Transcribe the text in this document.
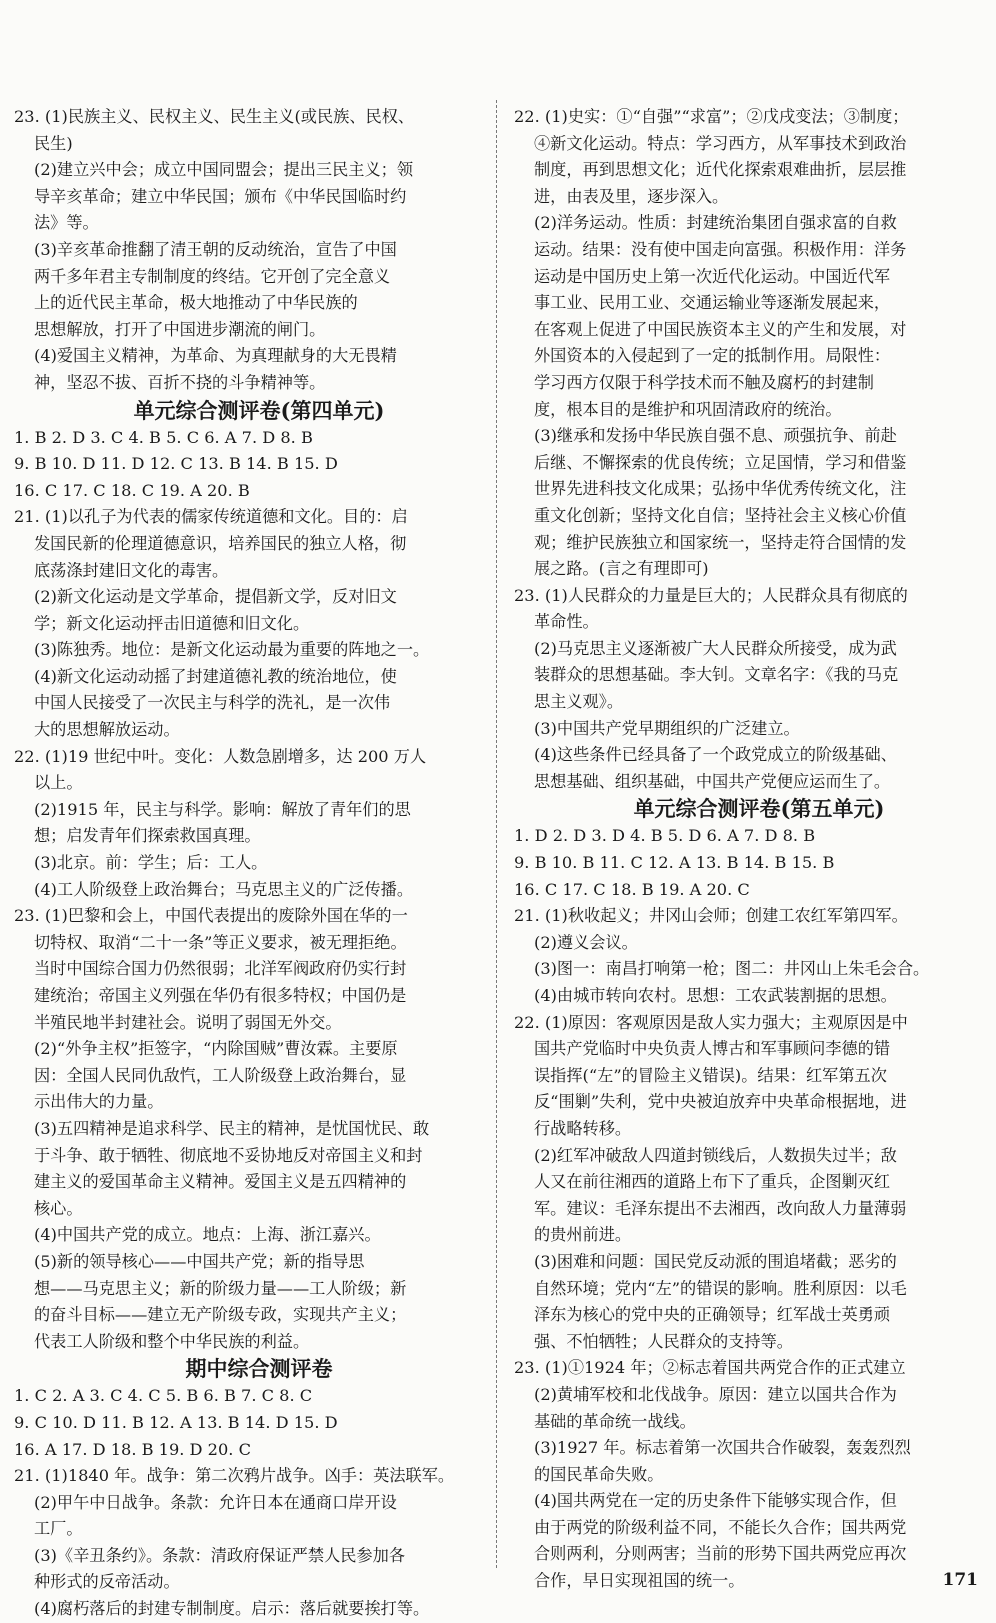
23. (1)民族主义、民权主义、民生主义(或民族、民权、
民生)
(2)建立兴中会；成立中国同盟会；提出三民主义；领
导辛亥革命；建立中华民国；颁布《中华民国临时约
法》等。
(3)辛亥革命推翻了清王朝的反动统治，宣告了中国
两千多年君主专制制度的终结。它开创了完全意义
上的近代民主革命，极大地推动了中华民族的
思想解放，打开了中国进步潮流的闸门。
(4)爱国主义精神，为革命、为真理献身的大无畏精
神，坚忍不拔、百折不挠的斗争精神等。
单元综合测评卷(第四单元)
1. B 2. D 3. C 4. B 5. C 6. A 7. D 8. B
9. B 10. D 11. D 12. C 13. B 14. B 15. D
16. C 17. C 18. C 19. A 20. B
21. (1)以孔子为代表的儒家传统道德和文化。目的：启
发国民新的伦理道德意识，培养国民的独立人格，彻
底荡涤封建旧文化的毒害。
(2)新文化运动是文学革命，提倡新文学，反对旧文
学；新文化运动抨击旧道德和旧文化。
(3)陈独秀。地位：是新文化运动最为重要的阵地之一。
(4)新文化运动动摇了封建道德礼教的统治地位，使
中国人民接受了一次民主与科学的洗礼，是一次伟
大的思想解放运动。
22. (1)19 世纪中叶。变化：人数急剧增多，达 200 万人
以上。
(2)1915 年，民主与科学。影响：解放了青年们的思
想；启发青年们探索救国真理。
(3)北京。前：学生；后：工人。
(4)工人阶级登上政治舞台；马克思主义的广泛传播。
23. (1)巴黎和会上，中国代表提出的废除外国在华的一
切特权、取消“二十一条”等正义要求，被无理拒绝。
当时中国综合国力仍然很弱；北洋军阀政府仍实行封
建统治；帝国主义列强在华仍有很多特权；中国仍是
半殖民地半封建社会。说明了弱国无外交。
(2)“外争主权”拒签字，“内除国贼”曹汝霖。主要原
因：全国人民同仇敌忾，工人阶级登上政治舞台，显
示出伟大的力量。
(3)五四精神是追求科学、民主的精神，是忧国忧民、敢
于斗争、敢于牺牲、彻底地不妥协地反对帝国主义和封
建主义的爱国革命主义精神。爱国主义是五四精神的
核心。
(4)中国共产党的成立。地点：上海、浙江嘉兴。
(5)新的领导核心——中国共产党；新的指导思
想——马克思主义；新的阶级力量——工人阶级；新
的奋斗目标——建立无产阶级专政，实现共产主义；
代表工人阶级和整个中华民族的利益。
期中综合测评卷
1. C 2. A 3. C 4. C 5. B 6. B 7. C 8. C
9. C 10. D 11. B 12. A 13. B 14. D 15. D
16. A 17. D 18. B 19. D 20. C
21. (1)1840 年。战争：第二次鸦片战争。凶手：英法联军。
(2)甲午中日战争。条款：允许日本在通商口岸开设
工厂。
(3)《辛丑条约》。条款：清政府保证严禁人民参加各
种形式的反帝活动。
(4)腐朽落后的封建专制制度。启示：落后就要挨打等。
22. (1)史实：①“自强”“求富”；②戊戌变法；③制度；
④新文化运动。特点：学习西方，从军事技术到政治
制度，再到思想文化；近代化探索艰难曲折，层层推
进，由表及里，逐步深入。
(2)洋务运动。性质：封建统治集团自强求富的自救
运动。结果：没有使中国走向富强。积极作用：洋务
运动是中国历史上第一次近代化运动。中国近代军
事工业、民用工业、交通运输业等逐渐发展起来，
在客观上促进了中国民族资本主义的产生和发展，对
外国资本的入侵起到了一定的抵制作用。局限性：
学习西方仅限于科学技术而不触及腐朽的封建制
度，根本目的是维护和巩固清政府的统治。
(3)继承和发扬中华民族自强不息、顽强抗争、前赴
后继、不懈探索的优良传统；立足国情，学习和借鉴
世界先进科技文化成果；弘扬中华优秀传统文化，注
重文化创新；坚持文化自信；坚持社会主义核心价值
观；维护民族独立和国家统一，坚持走符合国情的发
展之路。(言之有理即可)
23. (1)人民群众的力量是巨大的；人民群众具有彻底的
革命性。
(2)马克思主义逐渐被广大人民群众所接受，成为武
装群众的思想基础。李大钊。文章名字：《我的马克
思主义观》。
(3)中国共产党早期组织的广泛建立。
(4)这些条件已经具备了一个政党成立的阶级基础、
思想基础、组织基础，中国共产党便应运而生了。
单元综合测评卷(第五单元)
1. D 2. D 3. D 4. B 5. D 6. A 7. D 8. B
9. B 10. B 11. C 12. A 13. B 14. B 15. B
16. C 17. C 18. B 19. A 20. C
21. (1)秋收起义；井冈山会师；创建工农红军第四军。
(2)遵义会议。
(3)图一：南昌打响第一枪；图二：井冈山上朱毛会合。
(4)由城市转向农村。思想：工农武装割据的思想。
22. (1)原因：客观原因是敌人实力强大；主观原因是中
国共产党临时中央负责人博古和军事顾问李德的错
误指挥(“左”的冒险主义错误)。结果：红军第五次
反“围剿”失利，党中央被迫放弃中央革命根据地，进
行战略转移。
(2)红军冲破敌人四道封锁线后，人数损失过半；敌
人又在前往湘西的道路上布下了重兵，企图剿灭红
军。建议：毛泽东提出不去湘西，改向敌人力量薄弱
的贵州前进。
(3)困难和问题：国民党反动派的围追堵截；恶劣的
自然环境；党内“左”的错误的影响。胜利原因：以毛
泽东为核心的党中央的正确领导；红军战士英勇顽
强、不怕牺牲；人民群众的支持等。
23. (1)①1924 年；②标志着国共两党合作的正式建立
(2)黄埔军校和北伐战争。原因：建立以国共合作为
基础的革命统一战线。
(3)1927 年。标志着第一次国共合作破裂，轰轰烈烈
的国民革命失败。
(4)国共两党在一定的历史条件下能够实现合作，但
由于两党的阶级利益不同，不能长久合作；国共两党
合则两利，分则两害；当前的形势下国共两党应再次
合作，早日实现祖国的统一。	171
